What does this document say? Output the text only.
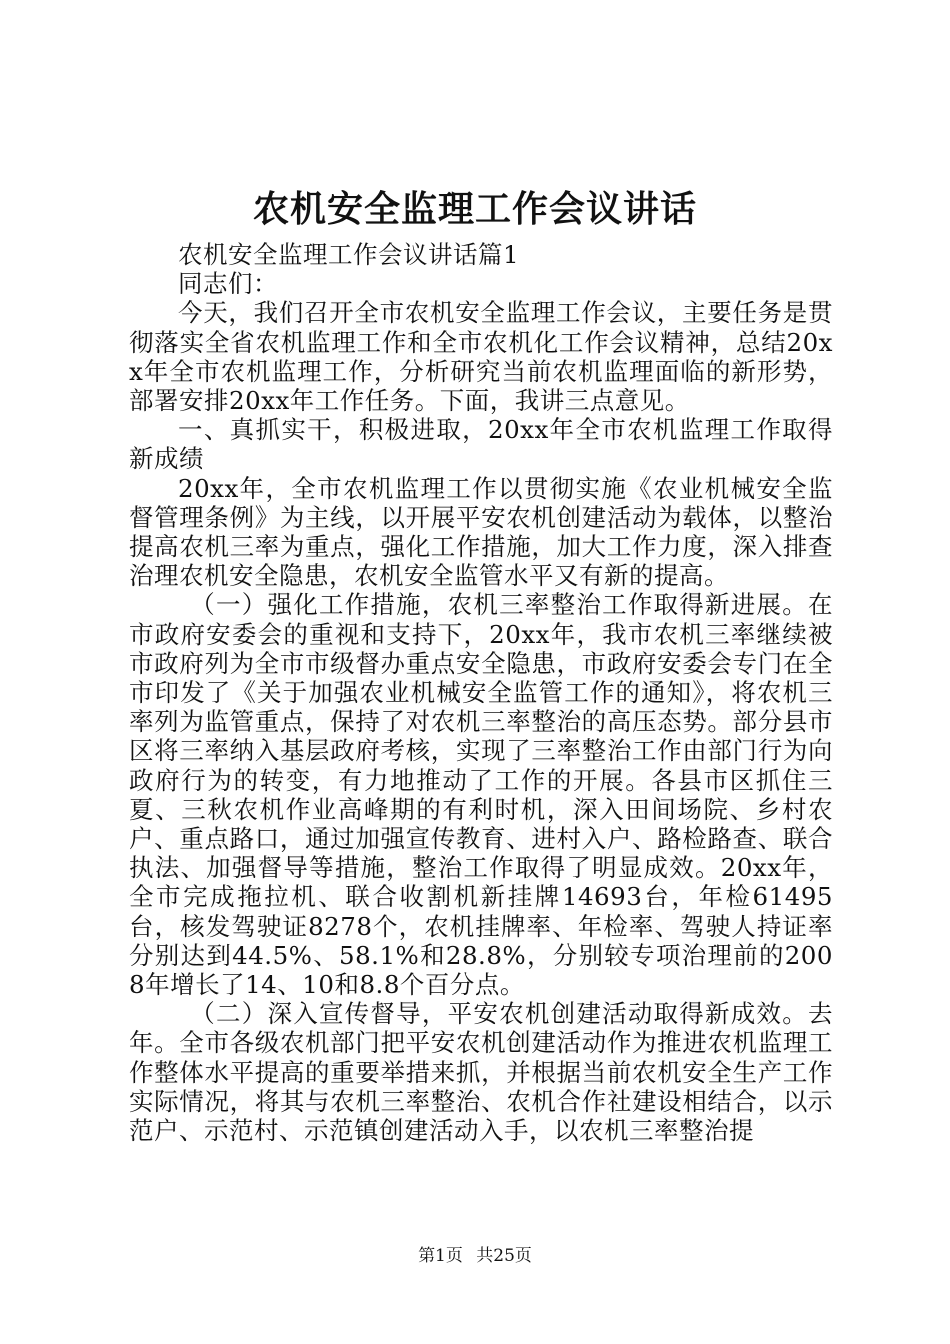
农机安全监理工作会议讲话

农机安全监理工作会议讲话篇1

同志们：

今天，我们召开全市农机安全监理工作会议，主要任务是贯彻落实全省农机监理工作和全市农机化工作会议精神，总结20xx年全市农机监理工作，分析研究当前农机监理面临的新形势，部署安排20xx年工作任务。下面，我讲三点意见。

一、真抓实干，积极进取，20xx年全市农机监理工作取得新成绩

20xx年，全市农机监理工作以贯彻实施《农业机械安全监督管理条例》为主线，以开展平安农机创建活动为载体，以整治提高农机三率为重点，强化工作措施，加大工作力度，深入排查治理农机安全隐患，农机安全监管水平又有新的提高。

（一）强化工作措施，农机三率整治工作取得新进展。在市政府安委会的重视和支持下，20xx年，我市农机三率继续被市政府列为全市市级督办重点安全隐患，市政府安委会专门在全市印发了《关于加强农业机械安全监管工作的通知》，将农机三率列为监管重点，保持了对农机三率整治的高压态势。部分县市区将三率纳入基层政府考核，实现了三率整治工作由部门行为向政府行为的转变，有力地推动了工作的开展。各县市区抓住三夏、三秋农机作业高峰期的有利时机，深入田间场院、乡村农户、重点路口，通过加强宣传教育、进村入户、路检路查、联合执法、加强督导等措施，整治工作取得了明显成效。20xx年，全市完成拖拉机、联合收割机新挂牌14693台，年检61495台，核发驾驶证8278个，农机挂牌率、年检率、驾驶人持证率分别达到44.5%、58.1%和28.8%，分别较专项治理前的2008年增长了14、10和8.8个百分点。

（二）深入宣传督导，平安农机创建活动取得新成效。去年。全市各级农机部门把平安农机创建活动作为推进农机监理工作整体水平提高的重要举措来抓，并根据当前农机安全生产工作实际情况，将其与农机三率整治、农机合作社建设相结合，以示范户、示范村、示范镇创建活动入手，以农机三率整治提

第1页 共25页
